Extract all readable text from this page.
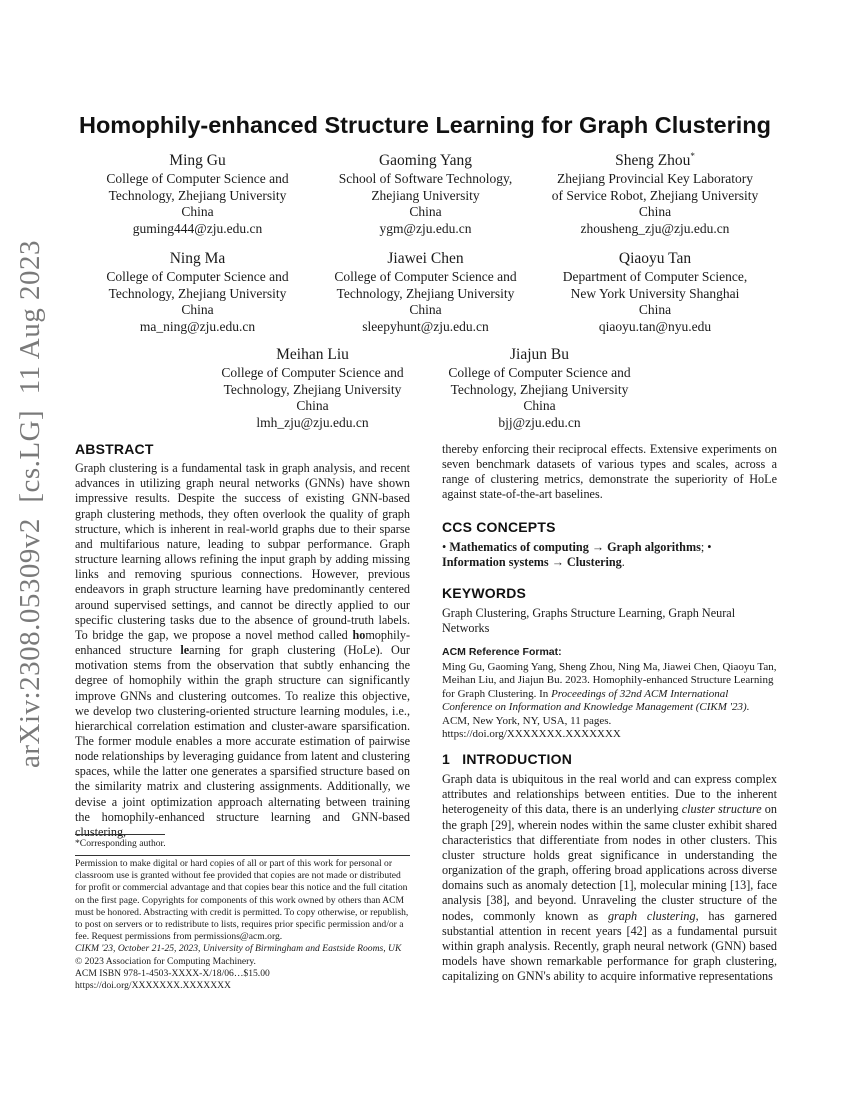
arXiv:2308.05309v2  [cs.LG]  11 Aug 2023
Homophily-enhanced Structure Learning for Graph Clustering
Ming Gu
College of Computer Science and
Technology, Zhejiang University
China
guming444@zju.edu.cn
Gaoming Yang
School of Software Technology,
Zhejiang University
China
ygm@zju.edu.cn
Sheng Zhou*
Zhejiang Provincial Key Laboratory
of Service Robot, Zhejiang University
China
zhousheng_zju@zju.edu.cn
Ning Ma
College of Computer Science and
Technology, Zhejiang University
China
ma_ning@zju.edu.cn
Jiawei Chen
College of Computer Science and
Technology, Zhejiang University
China
sleepyhunt@zju.edu.cn
Qiaoyu Tan
Department of Computer Science,
New York University Shanghai
China
qiaoyu.tan@nyu.edu
Meihan Liu
College of Computer Science and
Technology, Zhejiang University
China
lmh_zju@zju.edu.cn
Jiajun Bu
College of Computer Science and
Technology, Zhejiang University
China
bjj@zju.edu.cn
ABSTRACT

Graph clustering is a fundamental task in graph analysis, and recent advances in utilizing graph neural networks (GNNs) have shown impressive results. Despite the success of existing GNN-based graph clustering methods, they often overlook the quality of graph structure, which is inherent in real-world graphs due to their sparse and multifarious nature, leading to subpar performance. Graph structure learning allows refining the input graph by adding missing links and removing spurious connections. However, previous endeavors in graph structure learning have predominantly centered around supervised settings, and cannot be directly applied to our specific clustering tasks due to the absence of ground-truth labels. To bridge the gap, we propose a novel method called homophily-enhanced structure learning for graph clustering (HoLe). Our motivation stems from the observation that subtly enhancing the degree of homophily within the graph structure can significantly improve GNNs and clustering outcomes. To realize this objective, we develop two clustering-oriented structure learning modules, i.e., hierarchical correlation estimation and cluster-aware sparsification. The former module enables a more accurate estimation of pairwise node relationships by leveraging guidance from latent and clustering spaces, while the latter one generates a sparsified structure based on the similarity matrix and clustering assignments. Additionally, we devise a joint optimization approach alternating between training the homophily-enhanced structure learning and GNN-based clustering,

*Corresponding author.

Permission to make digital or hard copies of all or part of this work for personal or classroom use is granted without fee provided that copies are not made or distributed for profit or commercial advantage and that copies bear this notice and the full citation on the first page. Copyrights for components of this work owned by others than ACM must be honored. Abstracting with credit is permitted. To copy otherwise, or republish, to post on servers or to redistribute to lists, requires prior specific permission and/or a fee. Request permissions from permissions@acm.org.

CIKM '23, October 21-25, 2023, University of Birmingham and Eastside Rooms, UK

© 2023 Association for Computing Machinery.

ACM ISBN 978-1-4503-XXXX-X/18/06…$15.00

https://doi.org/XXXXXXX.XXXXXXX

thereby enforcing their reciprocal effects. Extensive experiments on seven benchmark datasets of various types and scales, across a range of clustering metrics, demonstrate the superiority of HoLe against state-of-the-art baselines.
CCS CONCEPTS

• Mathematics of computing → Graph algorithms; • Information systems → Clustering.

KEYWORDS

Graph Clustering, Graphs Structure Learning, Graph Neural Networks

ACM Reference Format:

Ming Gu, Gaoming Yang, Sheng Zhou, Ning Ma, Jiawei Chen, Qiaoyu Tan, Meihan Liu, and Jiajun Bu. 2023. Homophily-enhanced Structure Learning for Graph Clustering. In Proceedings of 32nd ACM International Conference on Information and Knowledge Management (CIKM '23). ACM, New York, NY, USA, 11 pages. https://doi.org/XXXXXXX.XXXXXXX

1 INTRODUCTION

Graph data is ubiquitous in the real world and can express complex attributes and relationships between entities. Due to the inherent heterogeneity of this data, there is an underlying cluster structure on the graph [29], wherein nodes within the same cluster exhibit shared characteristics that differentiate from nodes in other clusters. This cluster structure holds great significance in understanding the organization of the graph, offering broad applications across diverse domains such as anomaly detection [1], molecular mining [13], face analysis [38], and beyond. Unraveling the cluster structure of the nodes, commonly known as graph clustering, has garnered substantial attention in recent years [42] as a fundamental pursuit within graph analysis. Recently, graph neural network (GNN) based models have shown remarkable performance for graph clustering, capitalizing on GNN's ability to acquire informative representations
